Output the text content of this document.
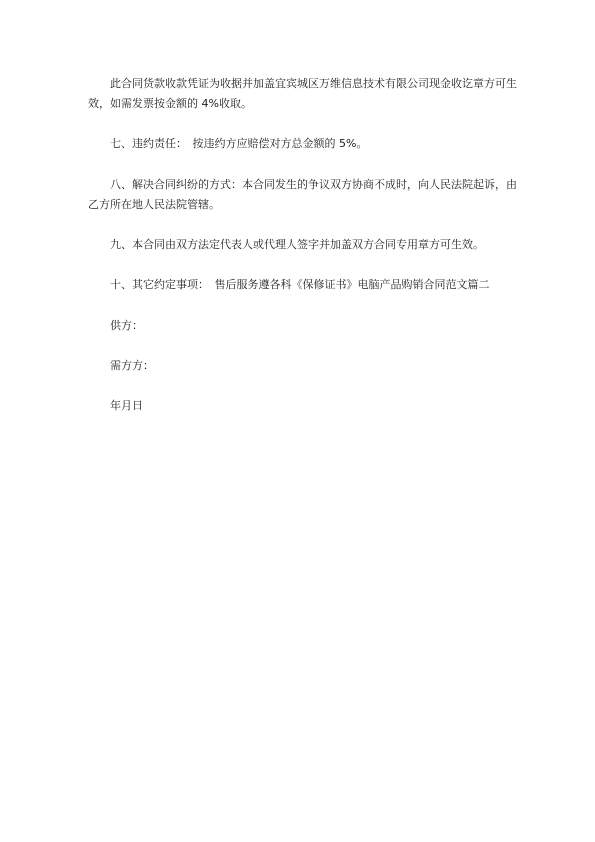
此合同货款收款凭证为收据并加盖宜宾城区万维信息技术有限公司现金收讫章方可生效，如需发票按金额的 4%收取。

七、违约责任：　按违约方应赔偿对方总金额的 5%。

八、解决合同纠纷的方式：本合同发生的争议双方协商不成时，向人民法院起诉，由乙方所在地人民法院管辖。

九、本合同由双方法定代表人或代理人签字并加盖双方合同专用章方可生效。

十、其它约定事项：　售后服务遵各科《保修证书》电脑产品购销合同范文篇二

供方：

需方方：

年月日
